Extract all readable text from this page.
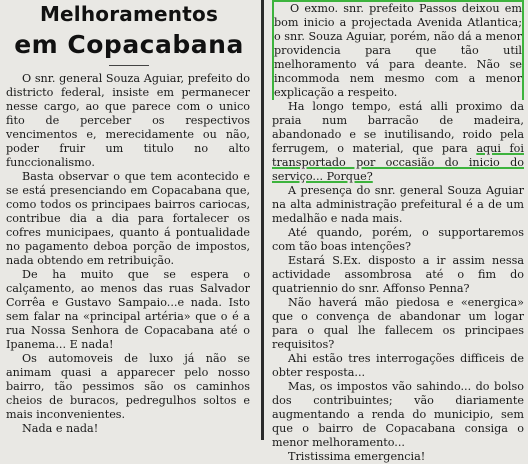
Melhoramentos
em Copacabana

O snr. general Souza Aguiar, prefeito do districto federal, insiste em permanecer nesse cargo, ao que parece com o unico fito de perceber os respectivos vencimentos e, merecidamente ou não, poder fruir um titulo no alto funccionalismo.

Basta observar o que tem acontecido e se está presenciando em Copacabana que, como todos os principaes bairros cariocas, contribue dia a dia para fortalecer os cofres municipaes, quanto á pontualidade no pagamento deboa porção de impostos, nada obtendo em retribuição.

De ha muito que se espera o calçamento, ao menos das ruas Salvador Corrêa e Gustavo Sampaio...e nada. Isto sem falar na «principal artéria» que o é a rua Nossa Senhora de Copacabana até o Ipanema... E nada!

Os automoveis de luxo já não se animam quasi a apparecer pelo nosso bairro, tão pessimos são os caminhos cheios de buracos, pedregulhos soltos e mais inconvenientes.

Nada e nada!

O exmo. snr. prefeito Passos deixou em bom inicio a projectada Avenida Atlantica; o snr. Souza Aguiar, porém, não dá a menor providencia para que tão util melhoramento vá para deante. Não se incommoda nem mesmo com a menor explicação a respeito.

Ha longo tempo, está alli proximo da praia num barracão de madeira, abandonado e se inutilisando, roido pela ferrugem, o material, que para aqui foi transportado por occasião do inicio do serviço... Porque?

A presença do snr. general Souza Aguiar na alta administração prefeitural é a de um medalhão e nada mais.

Até quando, porém, o supportaremos com tão boas intenções?

Estará S.Ex. disposto a ir assim nessa actividade assombrosa até o fim do quatriennio do snr. Affonso Penna?

Não haverá mão piedosa e «energica» que o convença de abandonar um logar para o qual lhe fallecem os principaes requisitos?

Ahi estão tres interrogações difficeis de obter resposta...

Mas, os impostos vão sahindo... do bolso dos contribuintes; vão diariamente augmentando a renda do municipio, sem que o bairro de Copacabana consiga o menor melhoramento...

Tristissima emergencia!
